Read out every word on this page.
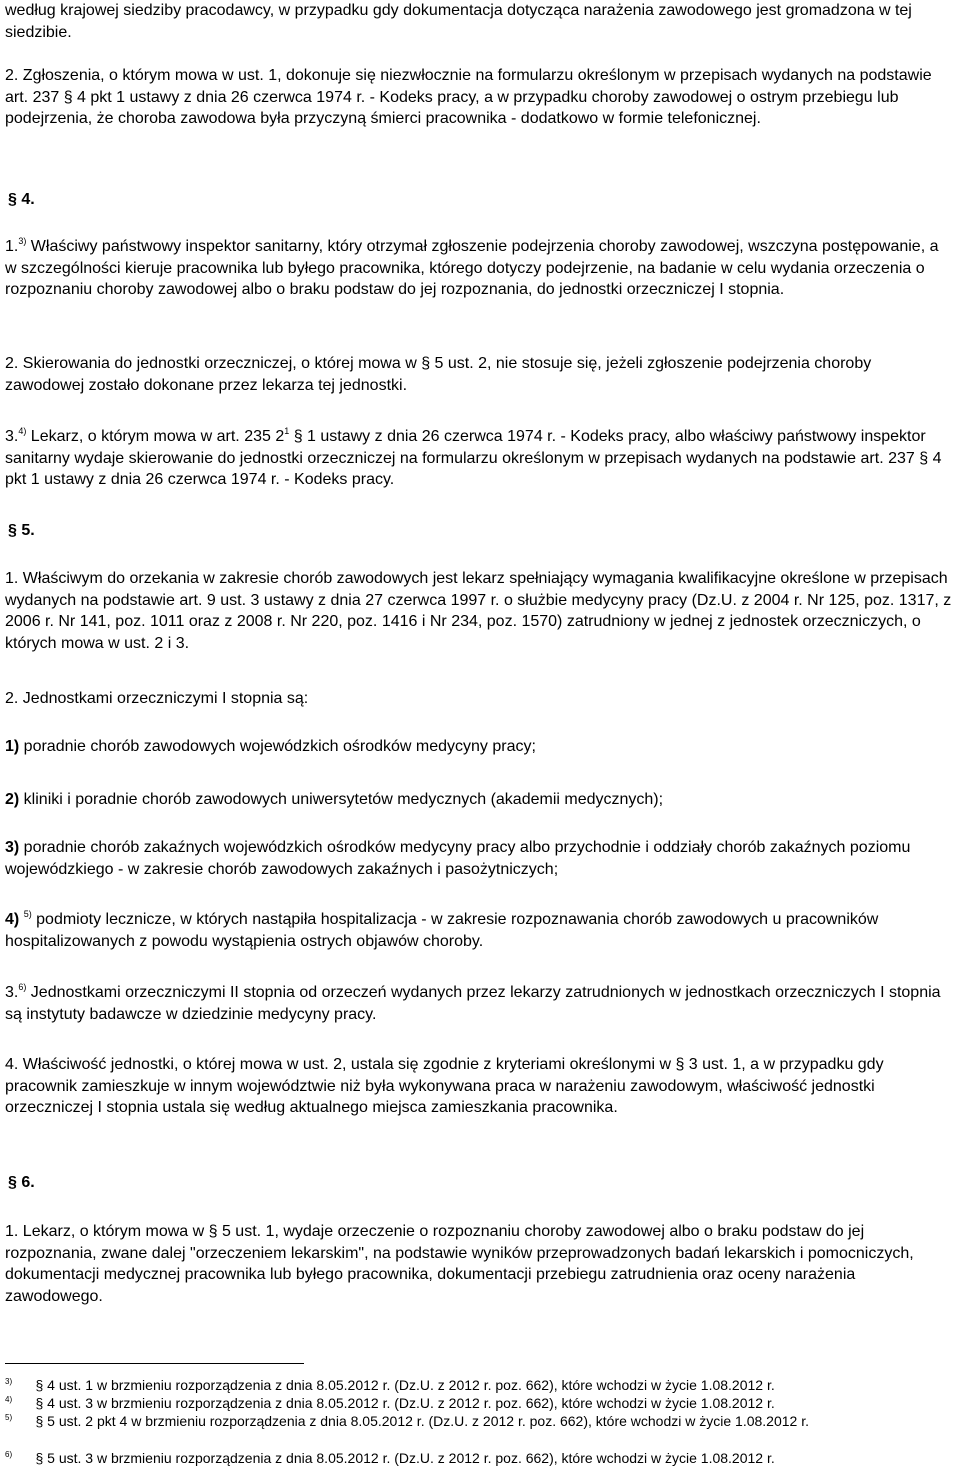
według krajowej siedziby pracodawcy, w przypadku gdy dokumentacja dotycząca narażenia zawodowego jest gromadzona w tej siedzibie.

2. Zgłoszenia, o którym mowa w ust. 1, dokonuje się niezwłocznie na formularzu określonym w przepisach wydanych na podstawie art. 237 § 4 pkt 1 ustawy z dnia 26 czerwca 1974 r. - Kodeks pracy, a w przypadku choroby zawodowej o ostrym przebiegu lub podejrzenia, że choroba zawodowa była przyczyną śmierci pracownika - dodatkowo w formie telefonicznej.

§ 4.

1.$^{3)}$ Właściwy państwowy inspektor sanitarny, który otrzymał zgłoszenie podejrzenia choroby zawodowej, wszczyna postępowanie, a w szczególności kieruje pracownika lub byłego pracownika, którego dotyczy podejrzenie, na badanie w celu wydania orzeczenia o rozpoznaniu choroby zawodowej albo o braku podstaw do jej rozpoznania, do jednostki orzeczniczej I stopnia.

2. Skierowania do jednostki orzeczniczej, o której mowa w § 5 ust. 2, nie stosuje się, jeżeli zgłoszenie podejrzenia choroby zawodowej zostało dokonane przez lekarza tej jednostki.

3.$^{4)}$ Lekarz, o którym mowa w art. 235 $2^1$ § 1 ustawy z dnia 26 czerwca 1974 r. - Kodeks pracy, albo właściwy państwowy inspektor sanitarny wydaje skierowanie do jednostki orzeczniczej na formularzu określonym w przepisach wydanych na podstawie art. 237 § 4 pkt 1 ustawy z dnia 26 czerwca 1974 r. - Kodeks pracy.

§ 5.

1. Właściwym do orzekania w zakresie chorób zawodowych jest lekarz spełniający wymagania kwalifikacyjne określone w przepisach wydanych na podstawie art. 9 ust. 3 ustawy z dnia 27 czerwca 1997 r. o służbie medycyny pracy (Dz.U. z 2004 r. Nr 125, poz. 1317, z 2006 r. Nr 141, poz. 1011 oraz z 2008 r. Nr 220, poz. 1416 i Nr 234, poz. 1570) zatrudniony w jednej z jednostek orzeczniczych, o których mowa w ust. 2 i 3.

2. Jednostkami orzeczniczymi I stopnia są:

1) poradnie chorób zawodowych wojewódzkich ośrodków medycyny pracy;

2) kliniki i poradnie chorób zawodowych uniwersytetów medycznych (akademii medycznych);

3) poradnie chorób zakaźnych wojewódzkich ośrodków medycyny pracy albo przychodnie i oddziały chorób zakaźnych poziomu wojewódzkiego - w zakresie chorób zawodowych zakaźnych i pasożytniczych;

4) $^{5)}$ podmioty lecznicze, w których nastąpiła hospitalizacja - w zakresie rozpoznawania chorób zawodowych u pracowników hospitalizowanych z powodu wystąpienia ostrych objawów choroby.

3.$^{6)}$ Jednostkami orzeczniczymi II stopnia od orzeczeń wydanych przez lekarzy zatrudnionych w jednostkach orzeczniczych I stopnia są instytuty badawcze w dziedzinie medycyny pracy.

4. Właściwość jednostki, o której mowa w ust. 2, ustala się zgodnie z kryteriami określonymi w § 3 ust. 1, a w przypadku gdy pracownik zamieszkuje w innym województwie niż była wykonywana praca w narażeniu zawodowym, właściwość jednostki orzeczniczej I stopnia ustala się według aktualnego miejsca zamieszkania pracownika.

§ 6.

1. Lekarz, o którym mowa w § 5 ust. 1, wydaje orzeczenie o rozpoznaniu choroby zawodowej albo o braku podstaw do jej rozpoznania, zwane dalej "orzeczeniem lekarskim", na podstawie wyników przeprowadzonych badań lekarskich i pomocniczych, dokumentacji medycznej pracownika lub byłego pracownika, dokumentacji przebiegu zatrudnienia oraz oceny narażenia zawodowego.

$^{3)}$ § 4 ust. 1 w brzmieniu rozporządzenia z dnia 8.05.2012 r. (Dz.U. z 2012 r. poz. 662), które wchodzi w życie 1.08.2012 r.
$^{4)}$ § 4 ust. 3 w brzmieniu rozporządzenia z dnia 8.05.2012 r. (Dz.U. z 2012 r. poz. 662), które wchodzi w życie 1.08.2012 r.
$^{5)}$ § 5 ust. 2 pkt 4 w brzmieniu rozporządzenia z dnia 8.05.2012 r. (Dz.U. z 2012 r. poz. 662), które wchodzi w życie 1.08.2012 r.
$^{6)}$ § 5 ust. 3 w brzmieniu rozporządzenia z dnia 8.05.2012 r. (Dz.U. z 2012 r. poz. 662), które wchodzi w życie 1.08.2012 r.
